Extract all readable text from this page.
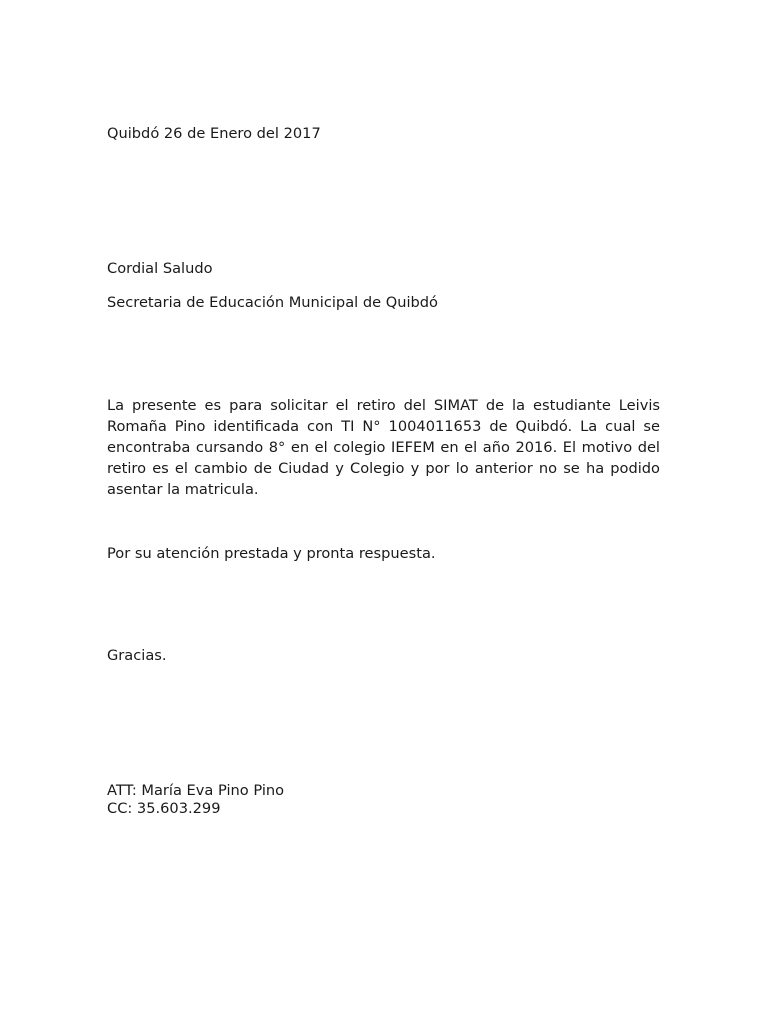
Quibdó 26 de Enero del 2017

Cordial Saludo

Secretaria de Educación Municipal de Quibdó

La presente es para solicitar el retiro del SIMAT de la estudiante Leivis Romaña Pino identificada con TI N° 1004011653 de Quibdó. La cual se encontraba cursando 8° en el colegio IEFEM en el año 2016. El motivo del retiro es el cambio de Ciudad y Colegio y por lo anterior no se ha podido asentar la matricula.

Por su atención prestada y pronta respuesta.

Gracias.

ATT: María Eva Pino Pino
CC: 35.603.299
